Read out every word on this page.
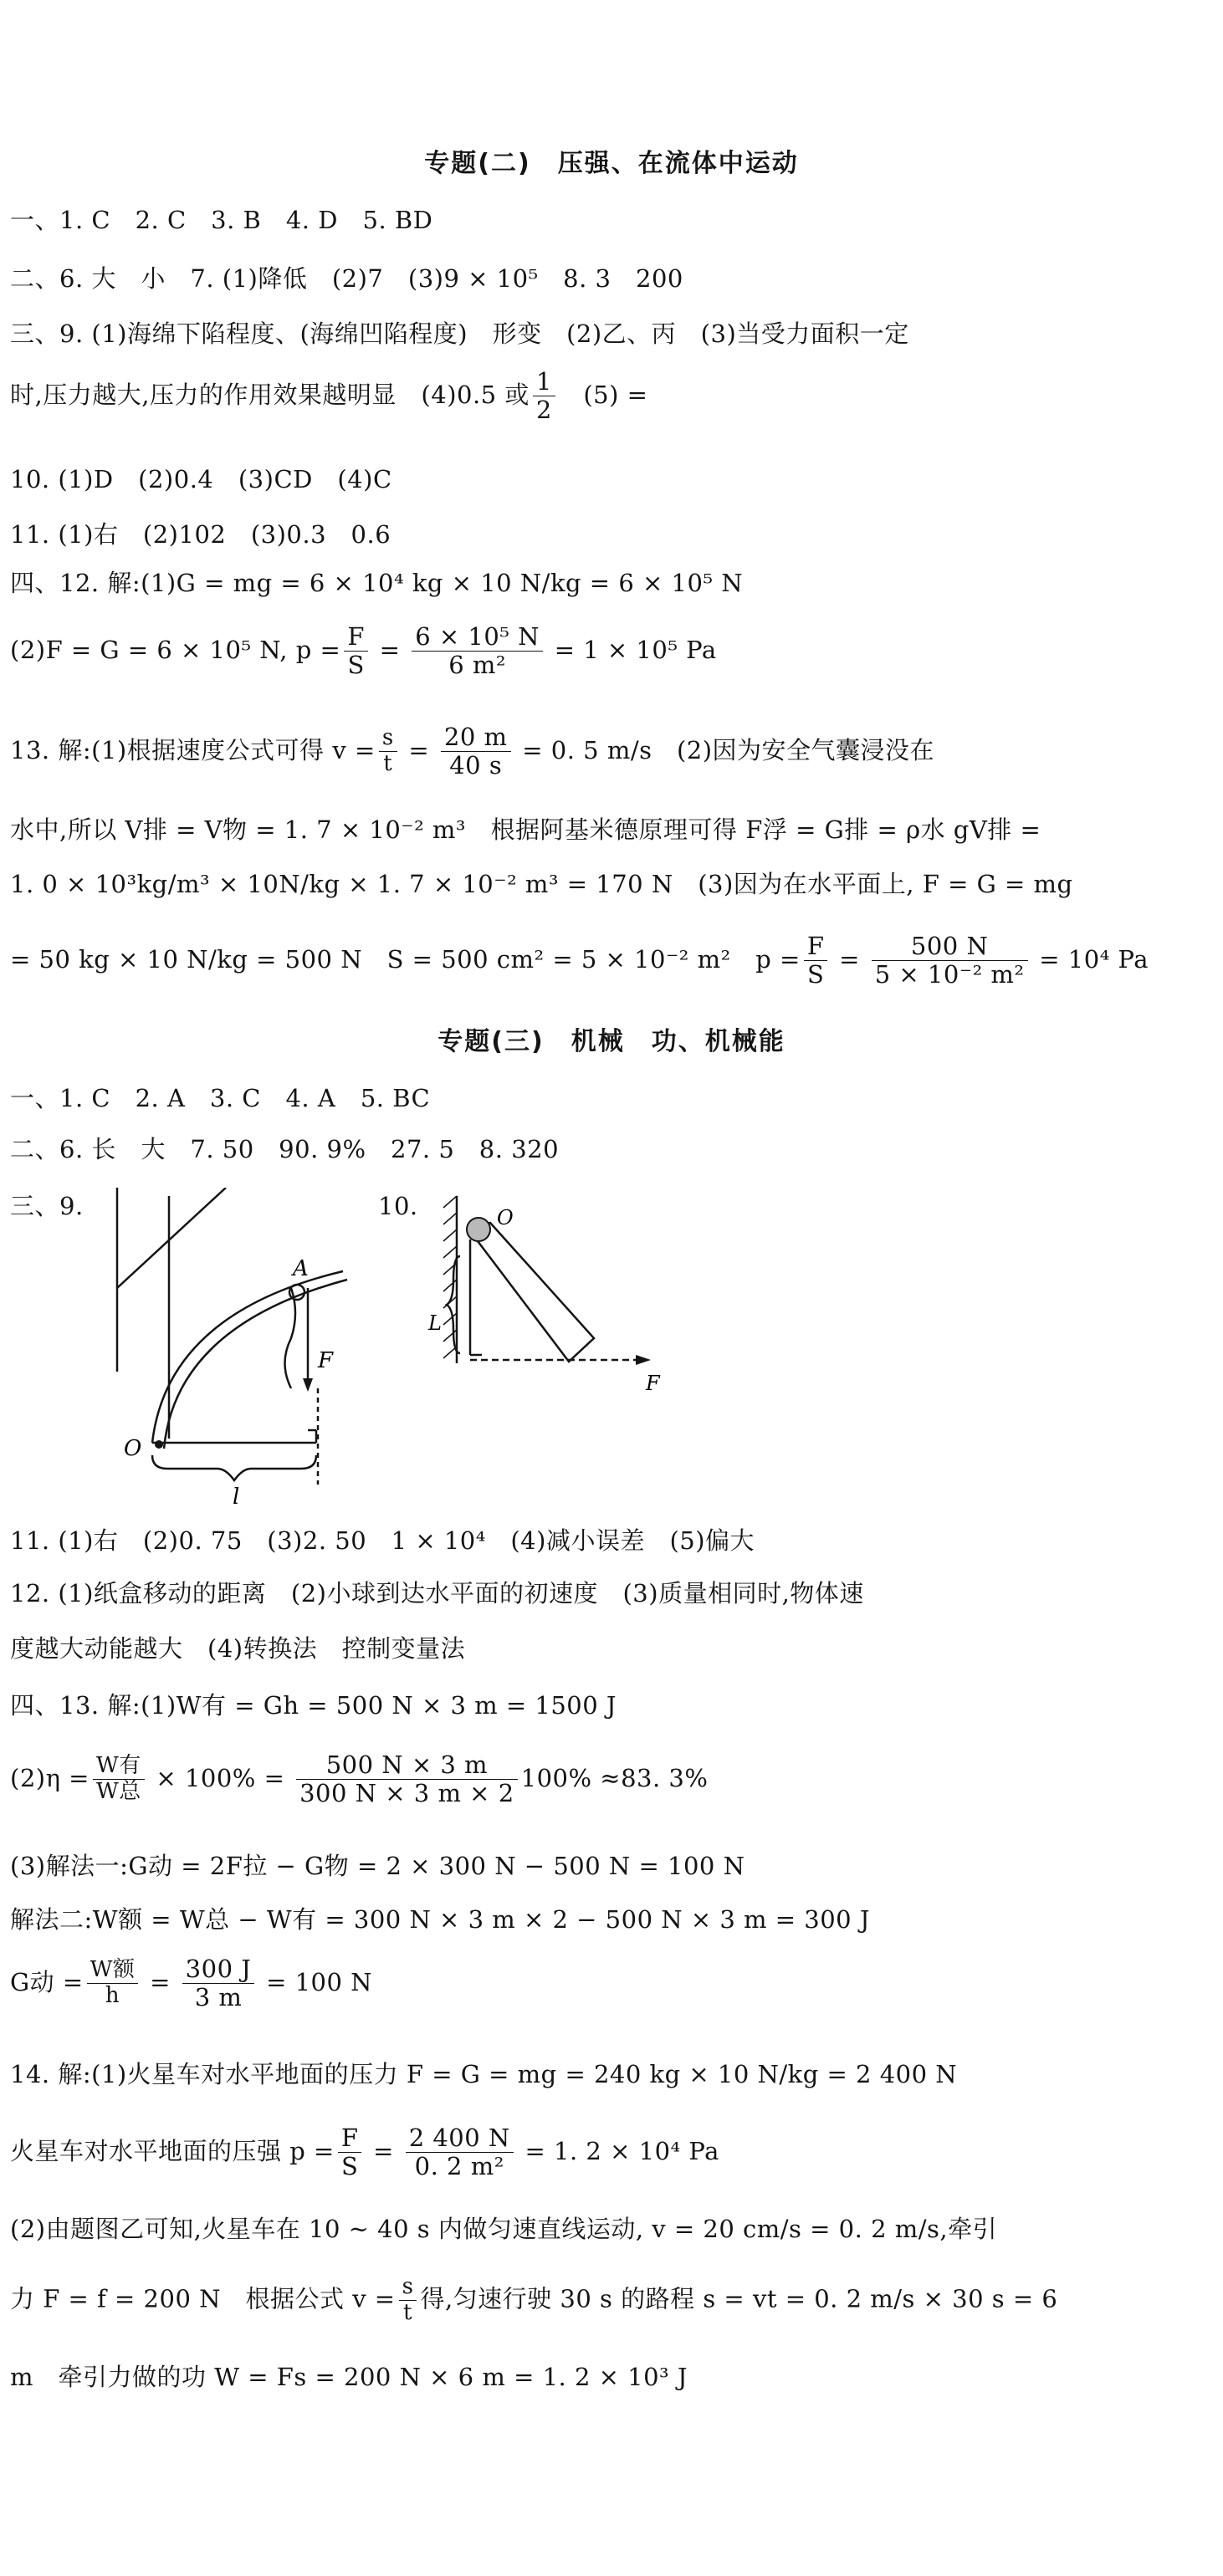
专题(二)　压强、在流体中运动
一、1. C　2. C　3. B　4. D　5. BD
二、6. 大　小　7. (1)降低　(2)7　(3)9 × 10⁵　8. 3　200
三、9. (1)海绵下陷程度、(海绵凹陷程度)　形变　(2)乙、丙　(3)当受力面积一定
时,压力越大,压力的作用效果越明显　(4)0.5 或 $\frac{1}{2}$ 　(5) =
10. (1)D　(2)0.4　(3)CD　(4)C
11. (1)右　(2)102　(3)0.3　0.6
四、12. 解:(1)G = mg = 6 × 10⁴ kg × 10 N/kg = 6 × 10⁵ N
(2)F = G = 6 × 10⁵ N, $p = \frac{F}{S} = \frac{\text{6 × 10⁵ N}}{\text{6 m²}} = 1 \times 10^5$ Pa
13. 解:(1)根据速度公式可得 $v = \frac{s}{t} = \frac{20 m}{40 s} = 0$. 5 m/s　(2)因为安全气囊浸没在
水中,所以 V排 = V物 = 1. 7 × 10⁻² m³　根据阿基米德原理可得 F浮 = G排 = ρ水 gV排 =
1. 0 × 10³kg/m³ × 10N/kg × 1. 7 × 10⁻² m³ = 170 N　(3)因为在水平面上, F = G = mg
= 50 kg × 10 N/kg = 500 N　S = 500 cm² = 5 × 10⁻² m²　$p = \frac{F}{S} = \frac{500 N}{\text{5 × 10⁻² m²}} = 10^4$ Pa
专题(三)　机械　功、机械能
一、1. C　2. A　3. C　4. A　5. BC
二、6. 长　大　7. 50　90. 9%　27. 5　8. 320
三、9.	10.
A
F
O
l
O
L
F
11. (1)右　(2)0. 75　(3)2. 50　1 × 10⁴　(4)减小误差　(5)偏大
12. (1)纸盒移动的距离　(2)小球到达水平面的初速度　(3)质量相同时,物体速
度越大动能越大　(4)转换法　控制变量法
四、13. 解:(1)W有 = Gh = 500 N × 3 m = 1500 J
$(2)\eta = \frac{\text{W有}}{\text{W总}} \times 100\% = \frac{500 N \times 3 m}{300 N \times 3 m \times 2} 100\% \approx 83$. 3%
(3)解法一:G动 = 2F拉 − G物 = 2 × 300 N − 500 N = 100 N
解法二:W额 = W总 − W有 = 300 N × 3 m × 2 − 500 N × 3 m = 300 J
G动 = $\frac{\text{W额}}{h} = \frac{300 J}{3 m} = 100$ N
14. 解:(1)火星车对水平地面的压力 F = G = mg = 240 kg × 10 N/kg = 2 400 N
火星车对水平地面的压强 $p = \frac{F}{S} = \frac{2 400 N}{\text{0. 2 m²}} = 1$. 2 × 10⁴ Pa
(2)由题图乙可知,火星车在 10 ~ 40 s 内做匀速直线运动, v = 20 cm/s = 0. 2 m/s,牵引
力 F = f = 200 N　根据公式 $v = \frac{s}{t}$ 得,匀速行驶 30 s 的路程 s = vt = 0. 2 m/s × 30 s = 6
m　牵引力做的功 W = Fs = 200 N × 6 m = 1. 2 × 10³ J
